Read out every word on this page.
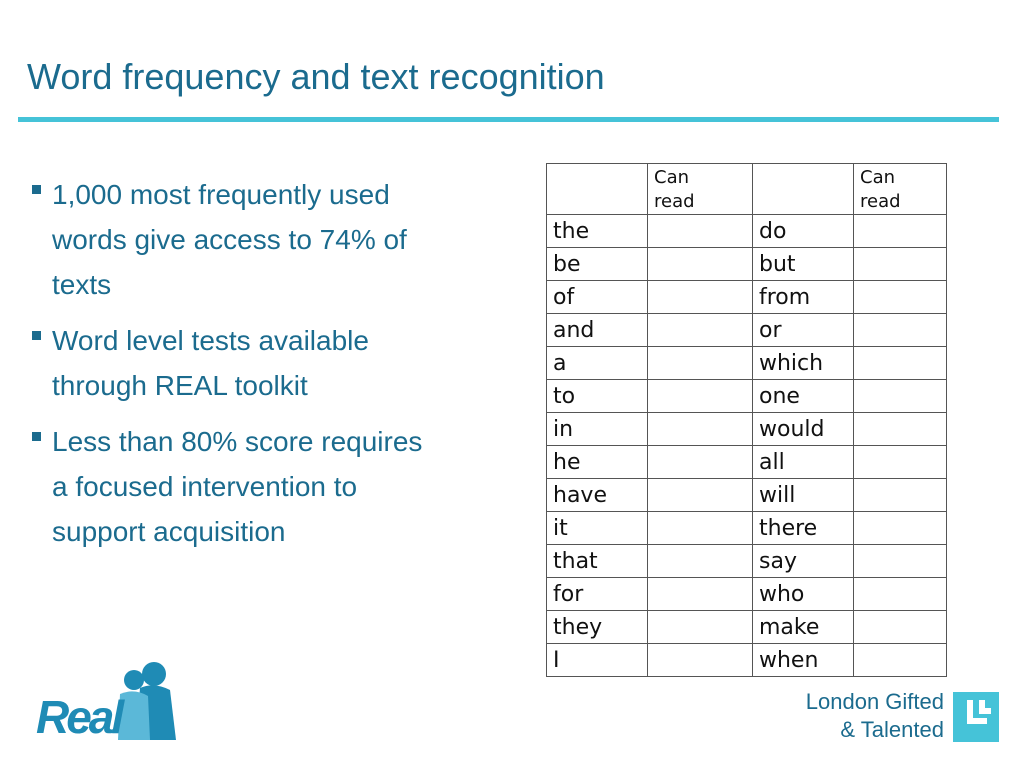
Word frequency and text recognition
1,000 most frequently used words give access to 74% of texts
Word level tests available through REAL toolkit
Less than 80% score requires a focused intervention to support acquisition

	Can read		Can read

the		do	
be		but	
of		from	
and		or	
a		which	
to		one	
in		would	
he		all	
have		will	
it		there	
that		say	
for		who	
they		make	
I		when	
Real	London Gifted
& Talented
